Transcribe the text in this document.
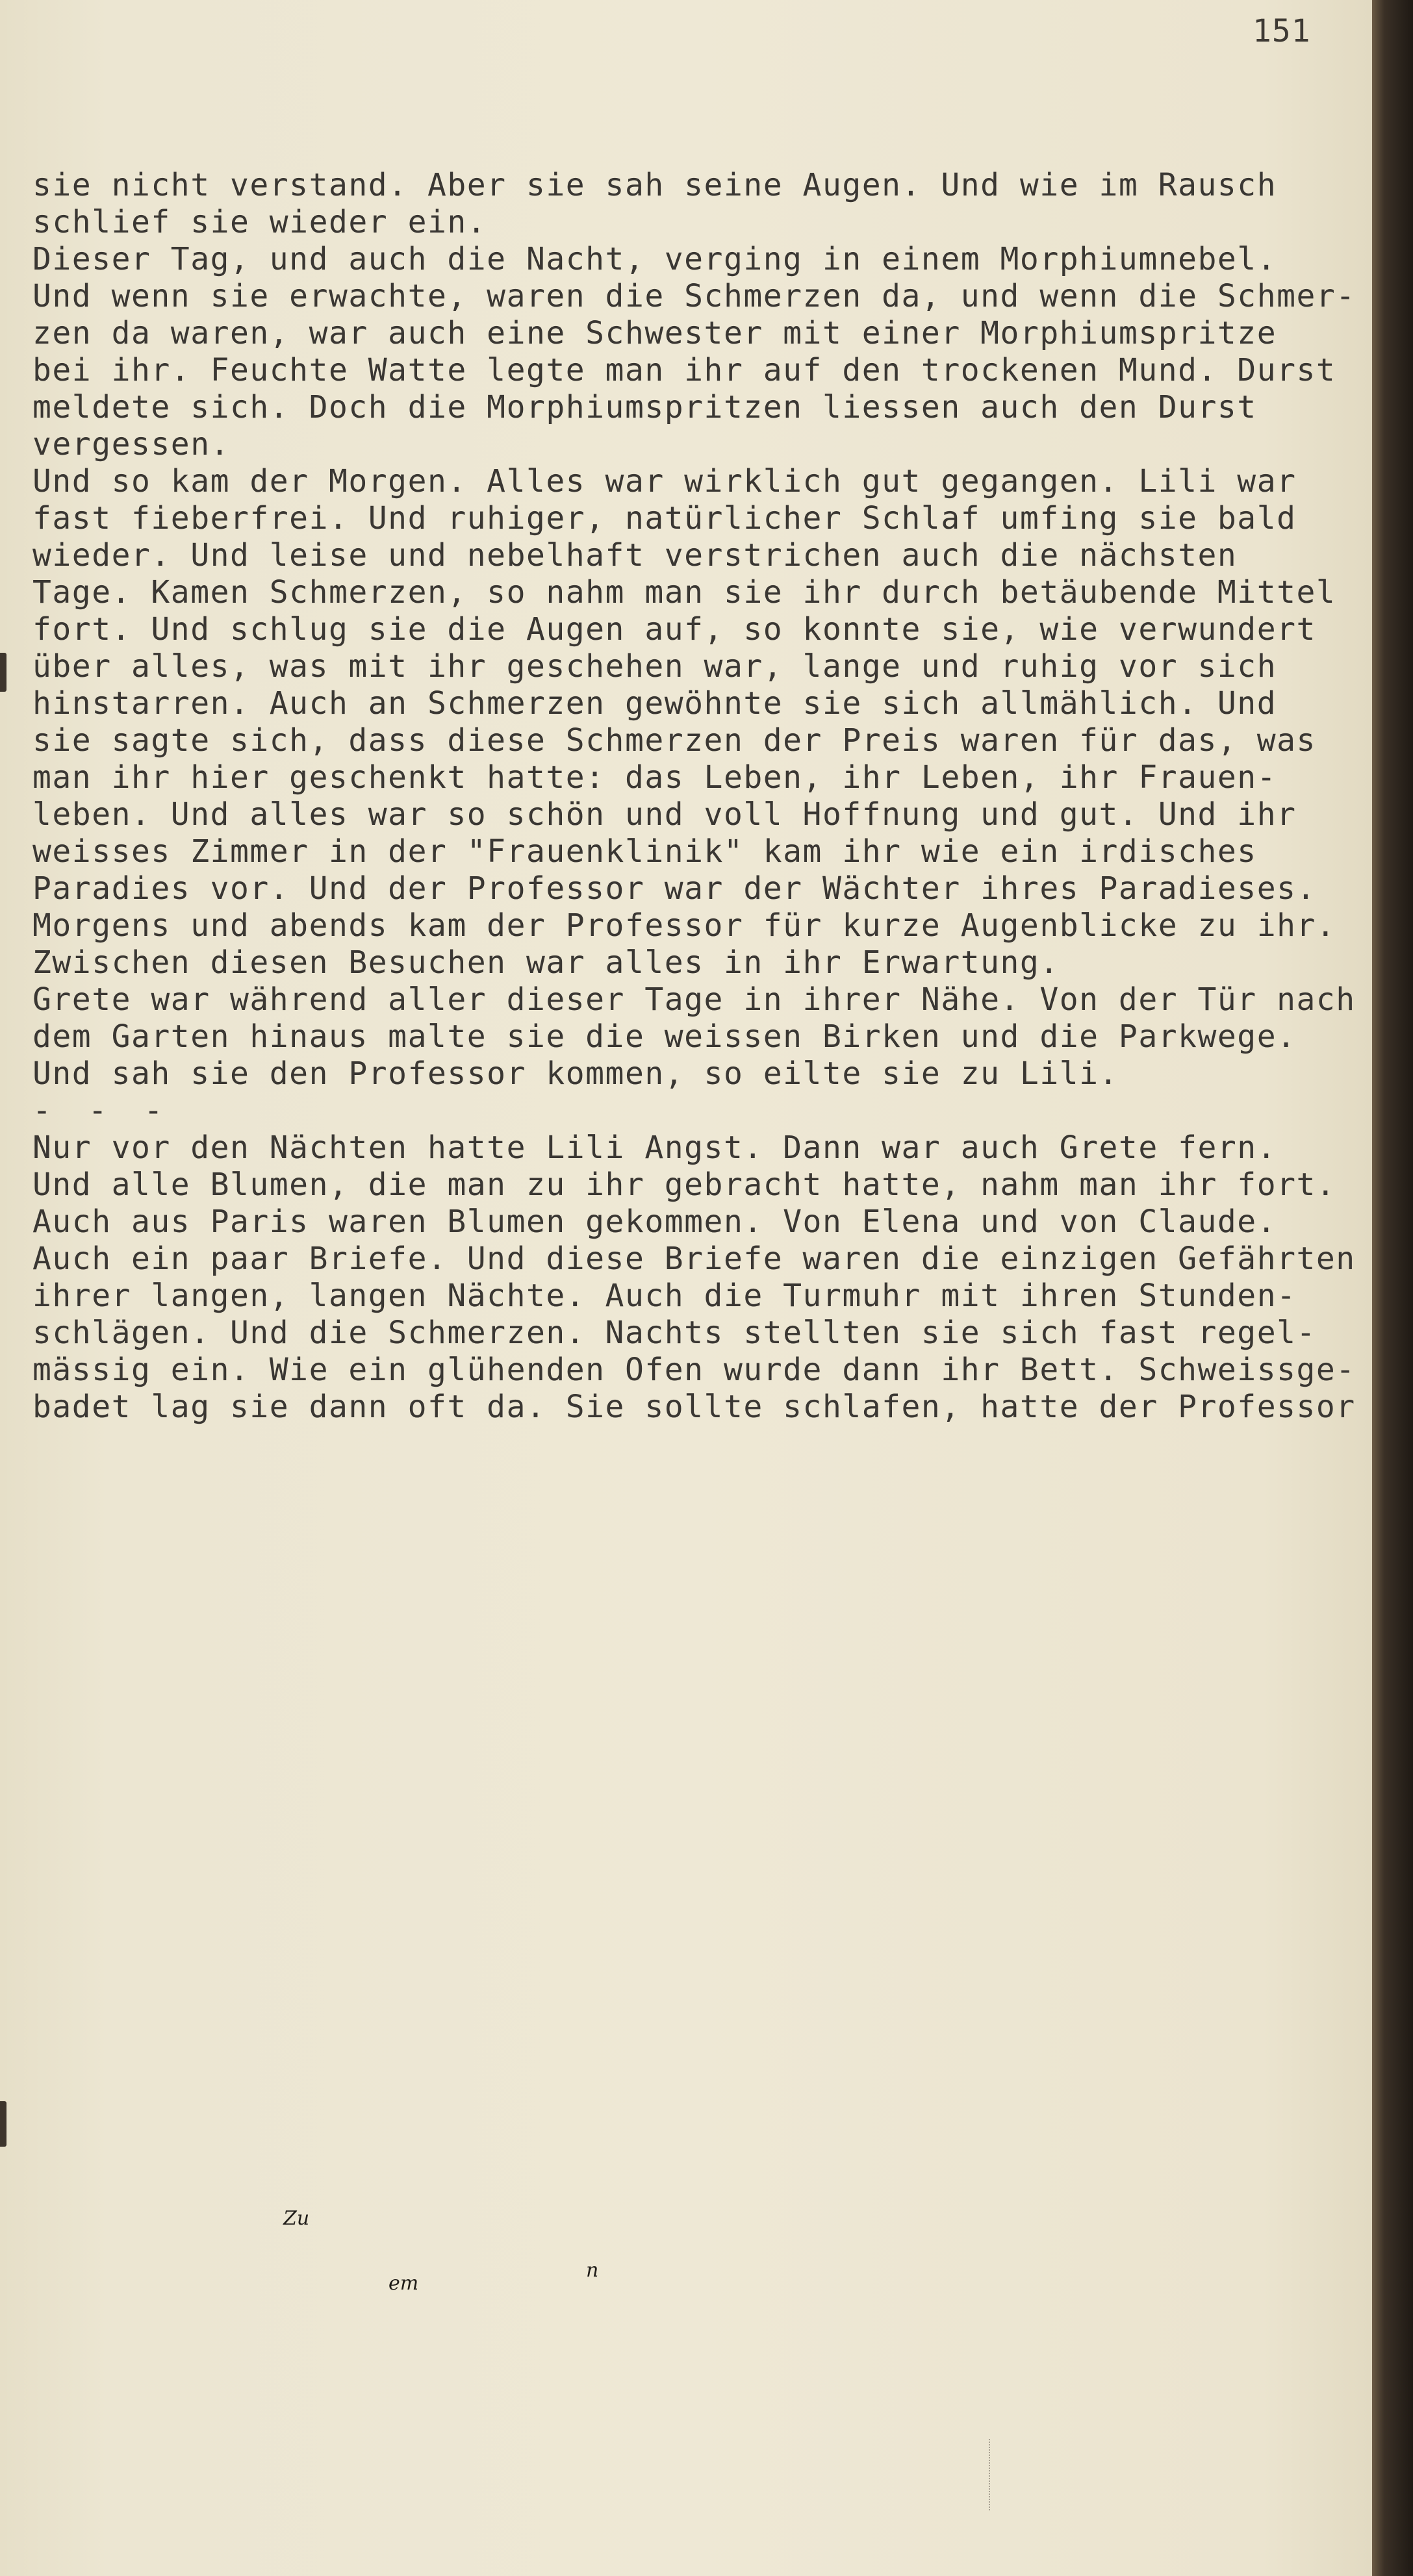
151
sie nicht verstand. Aber sie sah seine Augen. Und wie im Rausch
schlief sie wieder ein.
Dieser Tag, und auch die Nacht, verging in einem Morphiumnebel.
Und wenn sie erwachte, waren die Schmerzen da, und wenn die Schmer-
zen da waren, war auch eine Schwester mit einer Morphiumspritze
bei ihr. Feuchte Watte legte man ihr auf den trockenen Mund. Durst
meldete sich. Doch die Morphiumspritzen liessen auch den Durst
vergessen.
Und so kam der Morgen. Alles war wirklich gut gegangen. Lili war
fast fieberfrei. Und ruhiger, natürlicher Schlaf umfing sie bald
wieder. Und leise und nebelhaft verstrichen auch die nächsten
Tage. Kamen Schmerzen, so nahm man sie ihr durch betäubende Mittel
fort. Und schlug sie die Augen auf, so konnte sie, wie verwundert
über alles, was mit ihr geschehen war, lange und ruhig vor sich
hinstarren. Auch an Schmerzen gewöhnte sie sich allmählich. Und
sie sagte sich, dass diese Schmerzen der Preis waren für das, was
man ihr hier geschenkt hatte: das Leben, ihr Leben, ihr Frauen-
leben. Und alles war so schön und voll Hoffnung und gut. Und ihr
weisses Zimmer in der "Frauenklinik" kam ihr wie ein irdisches
Paradies vor. Und der Professor war der Wächter ihres Paradieses.
Morgens und abends kam der Professor für kurze Augenblicke zu ihr.
Zwischen diesen Besuchen war alles in ihr Erwartung.
Grete war während aller dieser Tage in ihrer Nähe. Von der Tür nach
dem Garten hinaus malte sie die weissen Birken und die Parkwege.
Und sah sie den Professor kommen, so eilte sie zu Lili.
- - -
Nur vor den Nächten hatte Lili Angst. Dann war auch Grete fern.
Und alle Blumen, die man zu ihr gebracht hatte, nahm man ihr fort.
Auch aus Paris waren Blumen gekommen. Von Elena und von Claude.
Auch ein paar Briefe. Und diese Briefe waren die einzigen Gefährten
ihrer langen, langen Nächte. Auch die Turmuhr mit ihren Stunden-
schlägen. Und die Schmerzen. Nachts stellten sie sich fast regel-
mässig ein. Wie ein glühenden Ofen wurde dann ihr Bett. Schweissge-
badet lag sie dann oft da. Sie sollte schlafen, hatte der Professor
Zu
em
n
